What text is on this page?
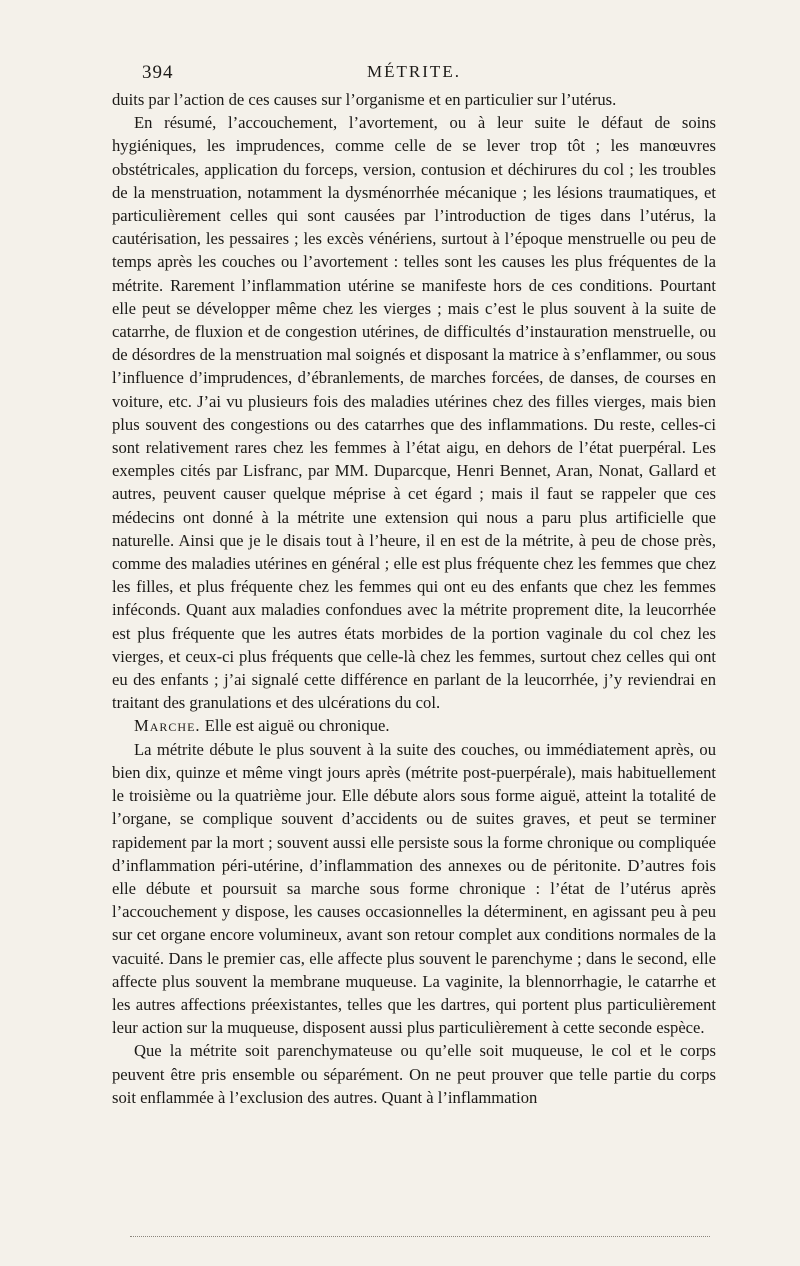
394	MÉTRITE.

duits par l’action de ces causes sur l’organisme et en particulier sur l’utérus.

En résumé, l’accouchement, l’avortement, ou à leur suite le défaut de soins hygiéniques, les imprudences, comme celle de se lever trop tôt ; les manœuvres obstétricales, application du forceps, version, contusion et déchirures du col ; les troubles de la menstruation, notamment la dysménorrhée mécanique ; les lésions traumatiques, et particulièrement celles qui sont causées par l’introduction de tiges dans l’utérus, la cautérisation, les pessaires ; les excès vénériens, surtout à l’époque menstruelle ou peu de temps après les couches ou l’avortement : telles sont les causes les plus fréquentes de la métrite. Rarement l’inflammation utérine se manifeste hors de ces conditions. Pourtant elle peut se développer même chez les vierges ; mais c’est le plus souvent à la suite de catarrhe, de fluxion et de congestion utérines, de difficultés d’instauration menstruelle, ou de désordres de la menstruation mal soignés et disposant la matrice à s’enflammer, ou sous l’influence d’imprudences, d’ébranlements, de marches forcées, de danses, de courses en voiture, etc. J’ai vu plusieurs fois des maladies utérines chez des filles vierges, mais bien plus souvent des congestions ou des catarrhes que des inflammations. Du reste, celles-ci sont relativement rares chez les femmes à l’état aigu, en dehors de l’état puerpéral. Les exemples cités par Lisfranc, par MM. Duparcque, Henri Bennet, Aran, Nonat, Gallard et autres, peuvent causer quelque méprise à cet égard ; mais il faut se rappeler que ces médecins ont donné à la métrite une extension qui nous a paru plus artificielle que naturelle. Ainsi que je le disais tout à l’heure, il en est de la métrite, à peu de chose près, comme des maladies utérines en général ; elle est plus fréquente chez les femmes que chez les filles, et plus fréquente chez les femmes qui ont eu des enfants que chez les femmes inféconds. Quant aux maladies confondues avec la métrite proprement dite, la leucorrhée est plus fréquente que les autres états morbides de la portion vaginale du col chez les vierges, et ceux-ci plus fréquents que celle-là chez les femmes, surtout chez celles qui ont eu des enfants ; j’ai signalé cette différence en parlant de la leucorrhée, j’y reviendrai en traitant des granulations et des ulcérations du col.

Marche. Elle est aiguë ou chronique.

La métrite débute le plus souvent à la suite des couches, ou immédiatement après, ou bien dix, quinze et même vingt jours après (métrite post-puerpérale), mais habituellement le troisième ou la quatrième jour. Elle débute alors sous forme aiguë, atteint la totalité de l’organe, se complique souvent d’accidents ou de suites graves, et peut se terminer rapidement par la mort ; souvent aussi elle persiste sous la forme chronique ou compliquée d’inflammation péri-utérine, d’inflammation des annexes ou de péritonite. D’autres fois elle débute et poursuit sa marche sous forme chronique : l’état de l’utérus après l’accouchement y dispose, les causes occasionnelles la déterminent, en agissant peu à peu sur cet organe encore volumineux, avant son retour complet aux conditions normales de la vacuité. Dans le premier cas, elle affecte plus souvent le parenchyme ; dans le second, elle affecte plus souvent la membrane muqueuse. La vaginite, la blennorrhagie, le catarrhe et les autres affections préexistantes, telles que les dartres, qui portent plus particulièrement leur action sur la muqueuse, disposent aussi plus particulièrement à cette seconde espèce.

Que la métrite soit parenchymateuse ou qu’elle soit muqueuse, le col et le corps peuvent être pris ensemble ou séparément. On ne peut prouver que telle partie du corps soit enflammée à l’exclusion des autres. Quant à l’inflammation
